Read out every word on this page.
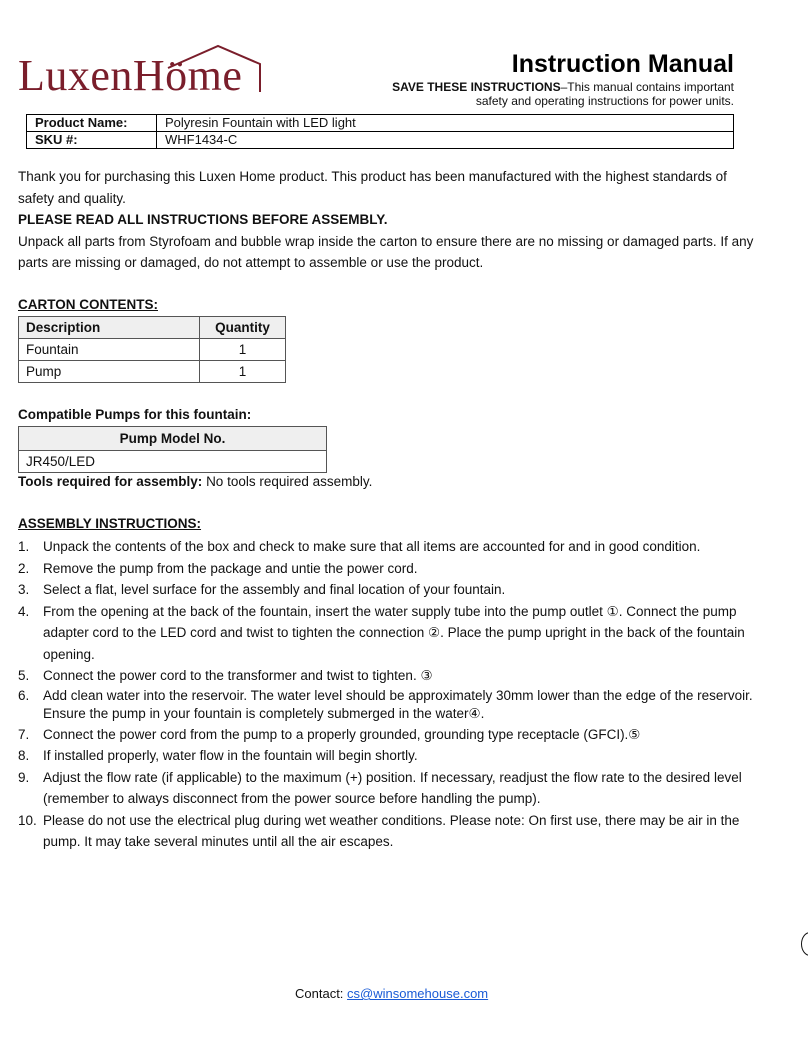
LuxenHöme	Instruction Manual
SAVE THESE INSTRUCTIONS–This manual contains important
safety and operating instructions for power units.
Product Name:	Polyresin Fountain with LED light
SKU #:	WHF1434-C
Thank you for purchasing this Luxen Home product. This product has been manufactured with the highest standards of safety and quality.
PLEASE READ ALL INSTRUCTIONS BEFORE ASSEMBLY.
Unpack all parts from Styrofoam and bubble wrap inside the carton to ensure there are no missing or damaged parts. If any parts are missing or damaged, do not attempt to assemble or use the product.
CARTON CONTENTS:
Description	Quantity
Fountain	1
Pump	1
Compatible Pumps for this fountain:
Pump Model No.
JR450/LED
Tools required for assembly: No tools required assembly.
ASSEMBLY INSTRUCTIONS:
1. Unpack the contents of the box and check to make sure that all items are accounted for and in good condition.
2. Remove the pump from the package and untie the power cord.
3. Select a flat, level surface for the assembly and final location of your fountain.
4. From the opening at the back of the fountain, insert the water supply tube into the pump outlet ①. Connect the pump adapter cord to the LED cord and twist to tighten the connection ②. Place the pump upright in the back of the fountain opening.
5. Connect the power cord to the transformer and twist to tighten. ③
6. Add clean water into the reservoir. The water level should be approximately 30mm lower than the edge of the reservoir. Ensure the pump in your fountain is completely submerged in the water④.
7. Connect the power cord from the pump to a properly grounded, grounding type receptacle (GFCI).⑤
8. If installed properly, water flow in the fountain will begin shortly.
9. Adjust the flow rate (if applicable) to the maximum (+) position. If necessary, readjust the flow rate to the desired level (remember to always disconnect from the power source before handling the pump).
10. Please do not use the electrical plug during wet weather conditions. Please note: On first use, there may be air in the pump. It may take several minutes until all the air escapes.
Contact: cs@winsomehouse.com
